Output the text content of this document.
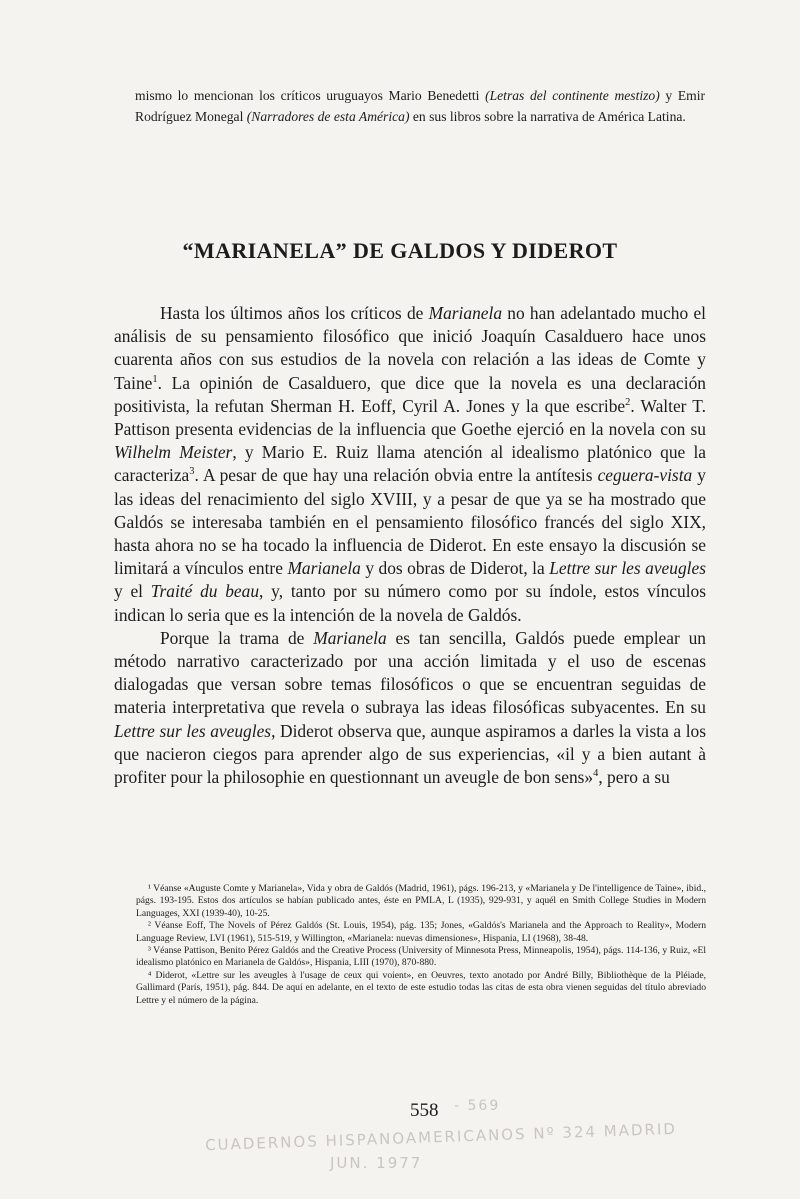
mismo lo mencionan los críticos uruguayos Mario Benedetti (Letras del continente mestizo) y Emir Rodríguez Monegal (Narradores de esta América) en sus libros sobre la narrativa de América Latina.
“MARIANELA” DE GALDOS Y DIDEROT

Hasta los últimos años los críticos de Marianela no han adelantado mucho el análisis de su pensamiento filosófico que inició Joaquín Casalduero hace unos cuarenta años con sus estudios de la novela con relación a las ideas de Comte y Taine$^1$. La opinión de Casalduero, que dice que la novela es una declaración positivista, la refutan Sherman H. Eoff, Cyril A. Jones y la que escribe$^2$. Walter T. Pattison presenta evidencias de la influencia que Goethe ejerció en la novela con su Wilhelm Meister, y Mario E. Ruiz llama atención al idealismo platónico que la caracteriza$^3$. A pesar de que hay una relación obvia entre la antítesis ceguera-vista y las ideas del renacimiento del siglo XVIII, y a pesar de que ya se ha mostrado que Galdós se interesaba también en el pensamiento filosófico francés del siglo XIX, hasta ahora no se ha tocado la influencia de Diderot. En este ensayo la discusión se limitará a vínculos entre Marianela y dos obras de Diderot, la Lettre sur les aveugles y el Traité du beau, y, tanto por su número como por su índole, estos vínculos indican lo seria que es la intención de la novela de Galdós.

Porque la trama de Marianela es tan sencilla, Galdós puede emplear un método narrativo caracterizado por una acción limitada y el uso de escenas dialogadas que versan sobre temas filosóficos o que se encuentran seguidas de materia interpretativa que revela o subraya las ideas filosóficas subyacentes. En su Lettre sur les aveugles, Diderot observa que, aunque aspiramos a darles la vista a los que nacieron ciegos para aprender algo de sus experiencias, «il y a bien autant à profiter pour la philosophie en questionnant un aveugle de bon sens»$^4$, pero a su

¹ Véanse «Auguste Comte y Marianela», Vida y obra de Galdós (Madrid, 1961), págs. 196-213, y «Marianela y De l'intelligence de Taine», ibid., págs. 193-195. Estos dos artículos se habían publicado antes, éste en PMLA, L (1935), 929-931, y aquél en Smith College Studies in Modern Languages, XXI (1939-40), 10-25.

² Véanse Eoff, The Novels of Pérez Galdós (St. Louis, 1954), pág. 135; Jones, «Galdós's Marianela and the Approach to Reality», Modern Language Review, LVI (1961), 515-519, y Willington, «Marianela: nuevas dimensiones», Hispania, LI (1968), 38-48.

³ Véanse Pattison, Benito Pérez Galdós and the Creative Process (University of Minnesota Press, Minneapolis, 1954), págs. 114-136, y Ruiz, «El idealismo platónico en Marianela de Galdós», Hispania, LIII (1970), 870-880.

⁴ Diderot, «Lettre sur les aveugles à l'usage de ceux qui voient», en Oeuvres, texto anotado por André Billy, Bibliothèque de la Pléiade, Gallimard (París, 1951), pág. 844. De aquí en adelante, en el texto de este estudio todas las citas de esta obra vienen seguidas del título abreviado Lettre y el número de la página.

558 - 569
CUADERNOS HISPANOAMERICANOS Nº 324 MADRID
JUN. 1977
